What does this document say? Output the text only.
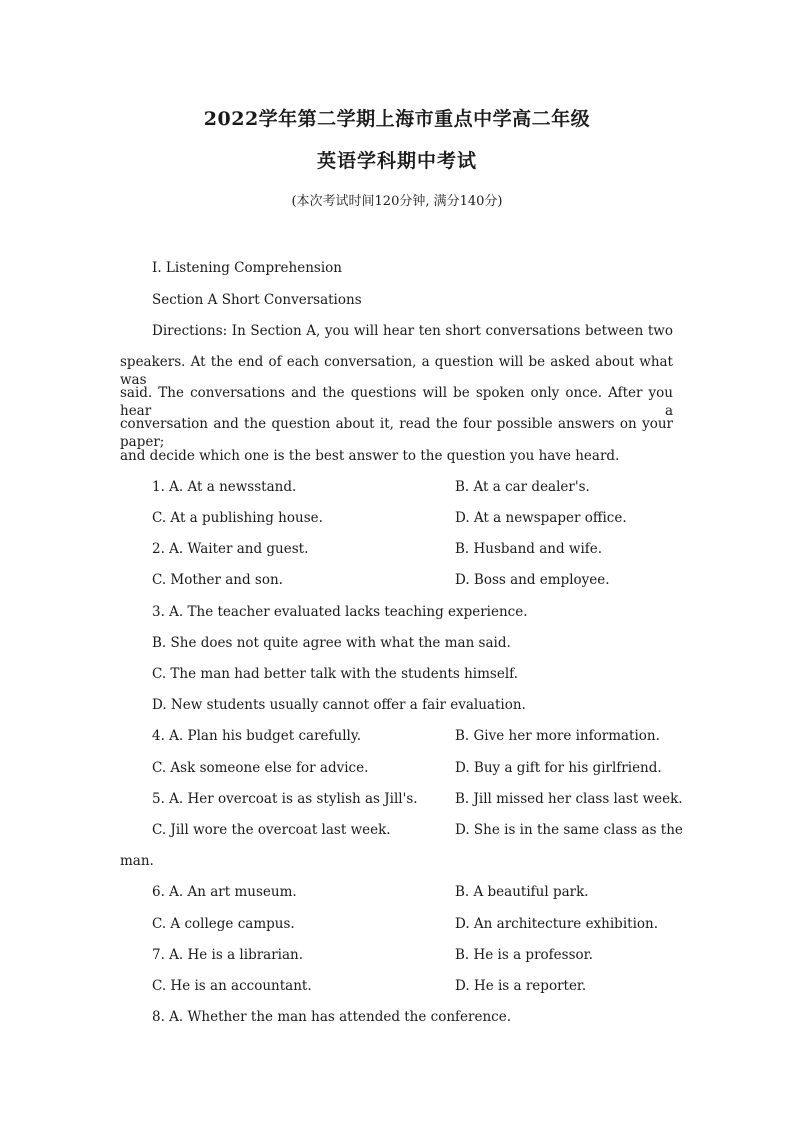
2022学年第二学期上海市重点中学高二年级
英语学科期中考试
(本次考试时间120分钟, 满分140分)
I. Listening Comprehension
Section A Short Conversations
Directions: In Section A, you will hear ten short conversations between two
speakers. At the end of each conversation, a question will be asked about what was
said. The conversations and the questions will be spoken only once. After you hear a
conversation and the question about it, read the four possible answers on your paper;
and decide which one is the best answer to the question you have heard.
1. A. At a newsstand.	B. At a car dealer's.
C. At a publishing house.	D. At a newspaper office.
2. A. Waiter and guest.	B. Husband and wife.
C. Mother and son.	D. Boss and employee.
3. A. The teacher evaluated lacks teaching experience.
B. She does not quite agree with what the man said.
C. The man had better talk with the students himself.
D. New students usually cannot offer a fair evaluation.
4. A. Plan his budget carefully.	B. Give her more information.
C. Ask someone else for advice.	D. Buy a gift for his girlfriend.
5. A. Her overcoat is as stylish as Jill's.	B. Jill missed her class last week.
C. Jill wore the overcoat last week.	D. She is in the same class as the
man.
6. A. An art museum.	B. A beautiful park.
C. A college campus.	D. An architecture exhibition.
7. A. He is a librarian.	B. He is a professor.
C. He is an accountant.	D. He is a reporter.
8. A. Whether the man has attended the conference.
